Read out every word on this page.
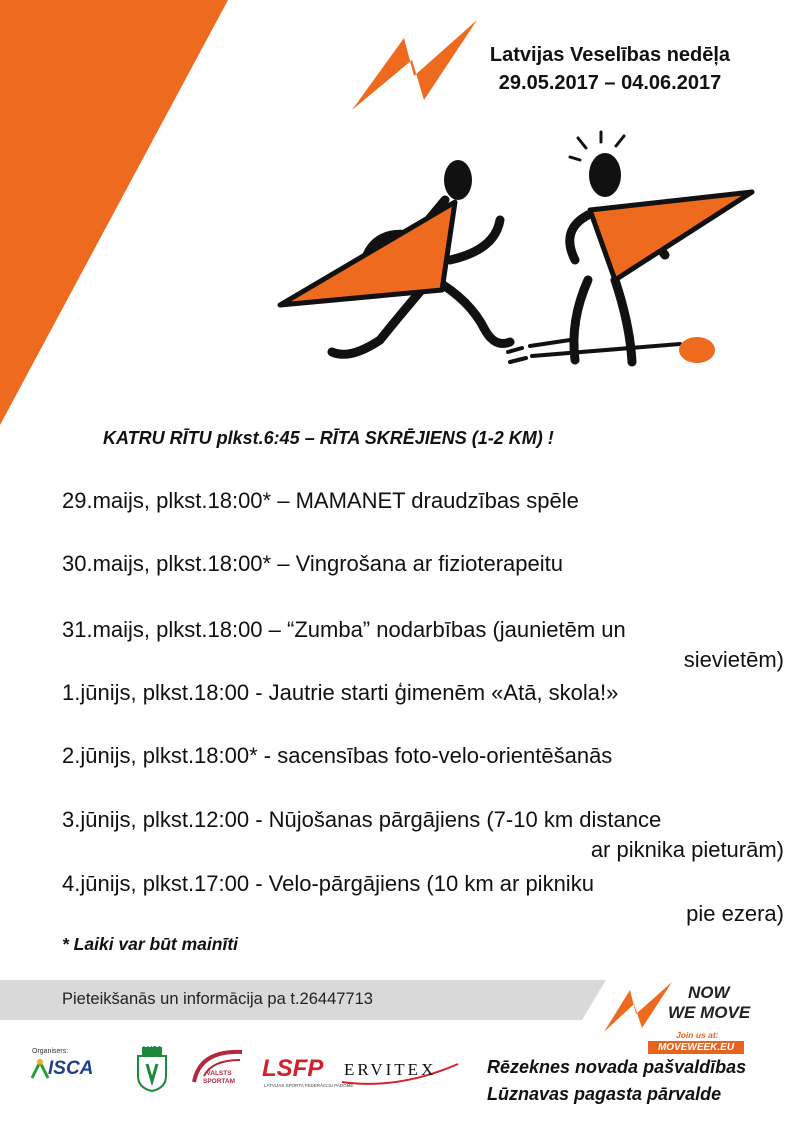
Latvijas Veselības nedēļa
29.05.2017 – 04.06.2017
KATRU RĪTU plkst.6:45 – RĪTA SKRĒJIENS (1-2 KM) !
29.maijs, plkst.18:00* – MAMANET draudzības spēle
30.maijs, plkst.18:00* – Vingrošana ar fizioterapeitu
31.maijs, plkst.18:00 – “Zumba” nodarbības (jaunietēm un
sievietēm)
1.jūnijs, plkst.18:00 - Jautrie starti ģimenēm «Atā, skola!»
2.jūnijs, plkst.18:00* - sacensības foto-velo-orientēšanās
3.jūnijs, plkst.12:00 - Nūjošanas pārgājiens (7-10 km distance
ar piknika pieturām)
4.jūnijs, plkst.17:00 - Velo-pārgājiens (10 km ar pikniku
pie ezera)
* Laiki var būt mainīti
Pieteikšanās un informācija pa t.26447713	NOW
WE MOVE
Join us at:
MOVEWEEK.EU
Organisers:
ISCA
LUSA
VALSTS SPORTAM	LSFP
LATVIJAS SPORTA FEDERĀCIJU PADOME
ERVITEX	Rēzeknes novada pašvaldības
Lūznavas pagasta pārvalde
